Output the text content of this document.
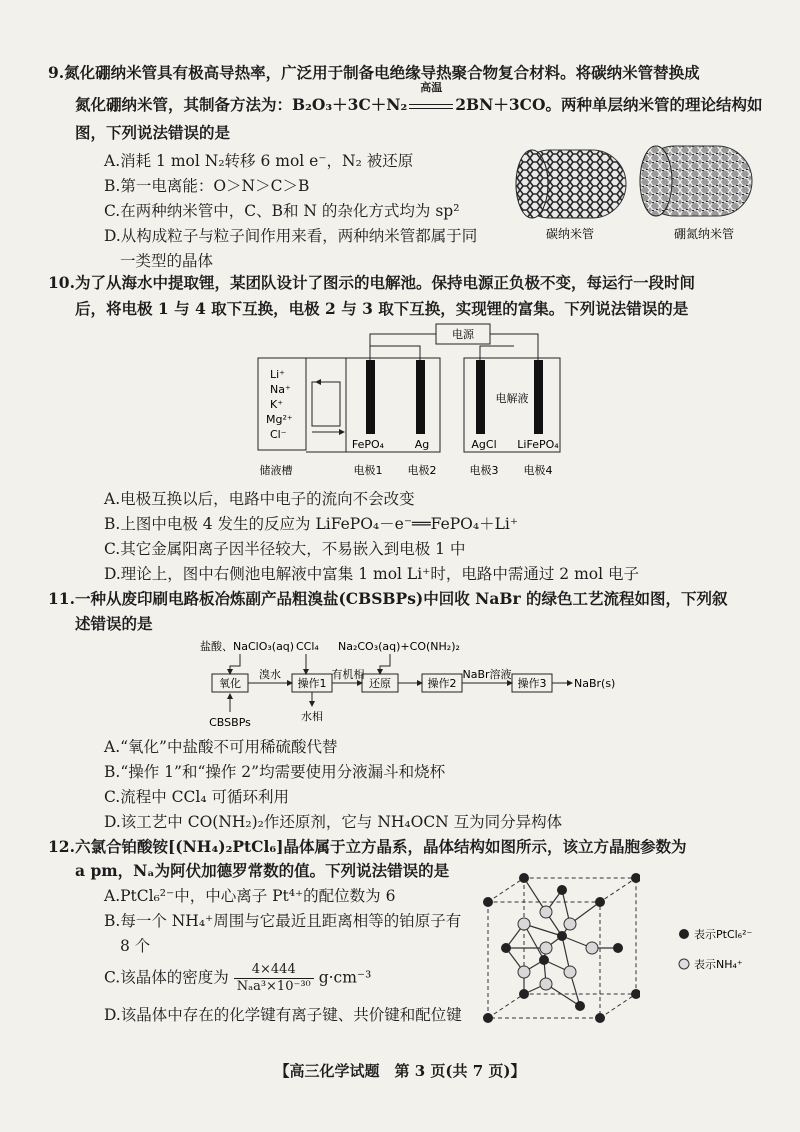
9.氮化硼纳米管具有极高导热率，广泛用于制备电绝缘导热聚合物复合材料。将碳纳米管替换成
氮化硼纳米管，其制备方法为：B₂O₃＋3C＋N₂
高温
2BN＋3CO。两种单层纳米管的理论结构如
图，下列说法错误的是
A.消耗 1 mol N₂转移 6 mol e⁻，N₂ 被还原
B.第一电离能：O＞N＞C＞B
C.在两种纳米管中，C、B和 N 的杂化方式均为 sp²
D.从构成粒子与粒子间作用来看，两种纳米管都属于同
一类型的晶体
碳纳米管	硼氮纳米管
10.为了从海水中提取锂，某团队设计了图示的电解池。保持电源正负极不变，每运行一段时间
后，将电极 1 与 4 取下互换，电极 2 与 3 取下互换，实现锂的富集。下列说法错误的是
电源
Li⁺
Na⁺
K⁺
Mg²⁺
Cl⁻
电解液
FePO₄	Ag	AgCl LiFePO₄
储液槽	电极1 电极2	电极3 电极4
A.电极互换以后，电路中电子的流向不会改变
B.上图中电极 4 发生的反应为 LiFePO₄－e⁻══FePO₄＋Li⁺
C.其它金属阳离子因半径较大，不易嵌入到电极 1 中
D.理论上，图中右侧池电解液中富集 1 mol Li⁺时，电路中需通过 2 mol 电子
11.一种从废印刷电路板冶炼副产品粗溴盐(CBSBPs)中回收 NaBr 的绿色工艺流程如图，下列叙
述错误的是
盐酸、NaClO₃(aq) CCl₄ Na₂CO₃(aq)+CO(NH₂)₂
氧化
溴水
操作1
有机相
还原	操作2
NaBr溶液
操作3	NaBr(s)
CBSBPs	水相
A.“氧化”中盐酸不可用稀硫酸代替
B.“操作 1”和“操作 2”均需要使用分液漏斗和烧杯
C.流程中 CCl₄ 可循环利用
D.该工艺中 CO(NH₂)₂作还原剂，它与 NH₄OCN 互为同分异构体
12.六氯合铂酸铵[(NH₄)₂PtCl₆]晶体属于立方晶系，晶体结构如图所示，该立方晶胞参数为
a pm，Nₐ为阿伏加德罗常数的值。下列说法错误的是
A.PtCl₆²⁻中，中心离子 Pt⁴⁺的配位数为 6
B.每一个 NH₄⁺周围与它最近且距离相等的铂原子有
8 个
C.该晶体的密度为 $\frac{4\times 444}{\text{Nₐa³×10⁻³⁰}} g\cdot cm^{-3}$
D.该晶体中存在的化学键有离子键、共价键和配位键
表示PtCl₆²⁻
表示NH₄⁺
【高三化学试题　第 3 页(共 7 页)】
